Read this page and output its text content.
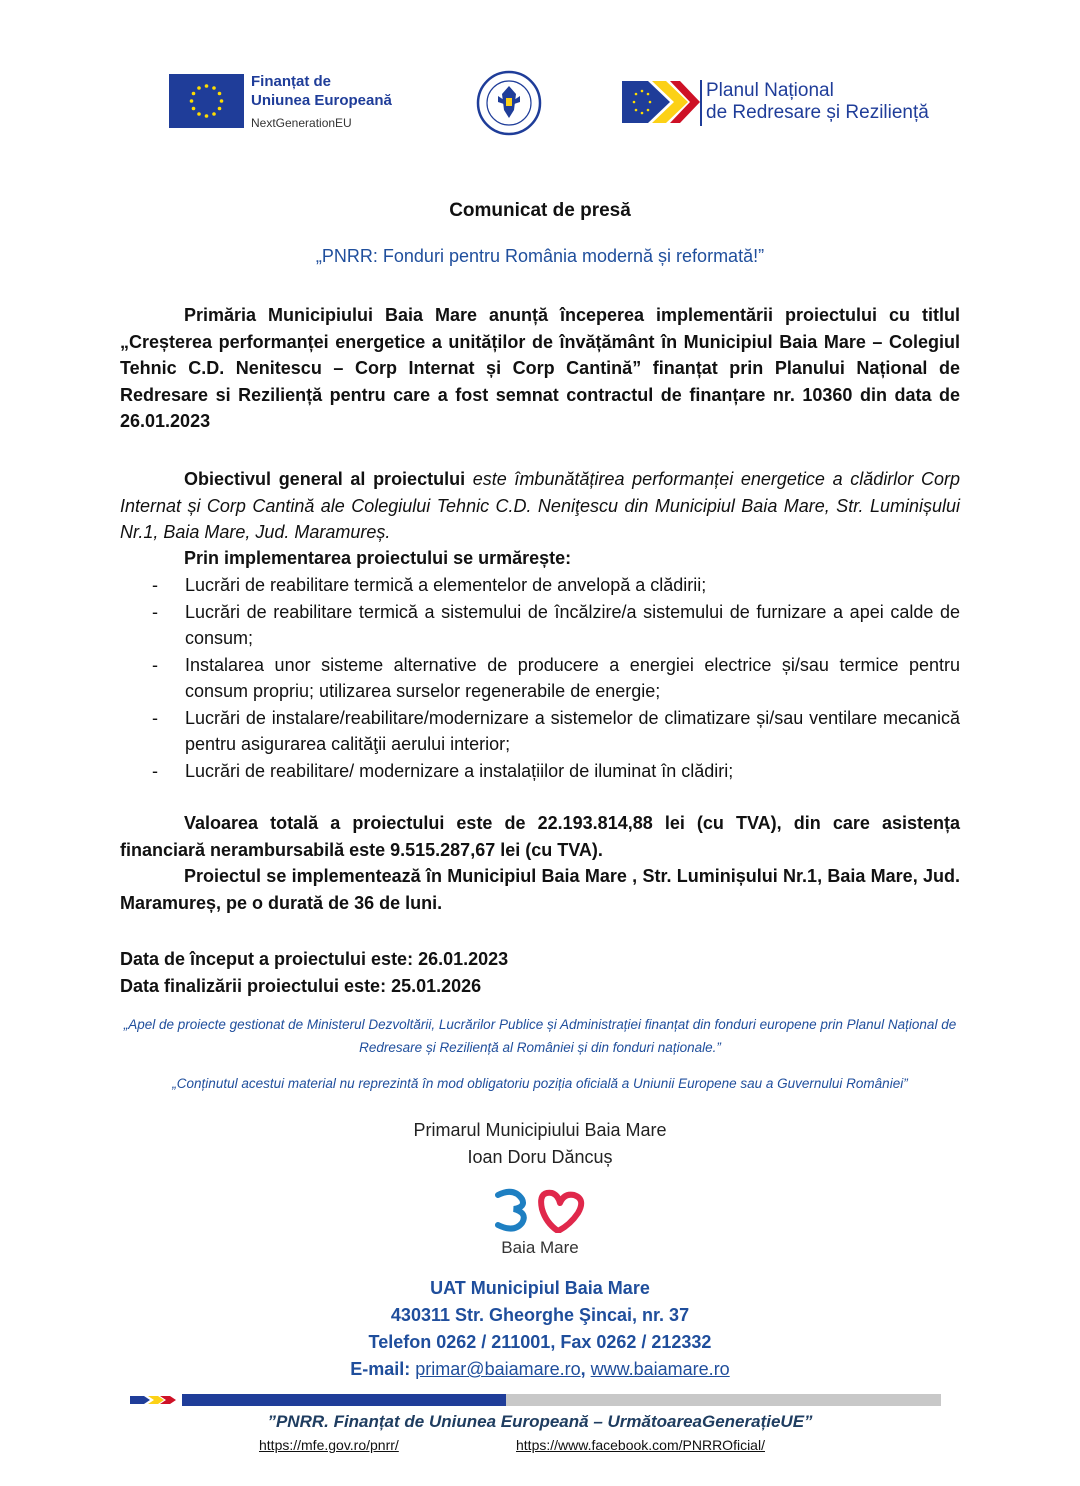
Finanțat de
Uniunea Europeană
NextGenerationEU
Planul Național
de Redresare și Reziliență
Comunicat de presă
„PNRR: Fonduri pentru România modernă și reformată!”
Primăria Municipiului Baia Mare anunță începerea implementării proiectului cu titlul „Creșterea performanței energetice a unităților de învățământ în Municipiul Baia Mare – Colegiul Tehnic C.D. Nenitescu – Corp Internat și Corp Cantină” finanțat prin Planului Național de Redresare si Reziliență pentru care a fost semnat contractul de finanțare nr. 10360 din data de 26.01.2023
Obiectivul general al proiectului este îmbunătățirea performanței energetice a clădirlor Corp Internat și Corp Cantină ale Colegiului Tehnic C.D. Neniţescu din Municipiul Baia Mare, Str. Luminișului Nr.1, Baia Mare, Jud. Maramureș.
Prin implementarea proiectului se urmărește:
- Lucrări de reabilitare termică a elementelor de anvelopă a clădirii;
- Lucrări de reabilitare termică a sistemului de încălzire/a sistemului de furnizare a apei calde de consum;
- Instalarea unor sisteme alternative de producere a energiei electrice și/sau termice pentru consum propriu; utilizarea surselor regenerabile de energie;
- Lucrări de instalare/reabilitare/modernizare a sistemelor de climatizare și/sau ventilare mecanică pentru asigurarea calităţii aerului interior;
- Lucrări de reabilitare/ modernizare a instalațiilor de iluminat în clădiri;
Valoarea totală a proiectului este de 22.193.814,88 lei (cu TVA), din care asistența financiară nerambursabilă este 9.515.287,67 lei (cu TVA).
Proiectul se implementează în Municipiul Baia Mare , Str. Luminișului Nr.1, Baia Mare, Jud. Maramureș, pe o durată de 36 de luni.
Data de început a proiectului este: 26.01.2023
Data finalizării proiectului este: 25.01.2026
„Apel de proiecte gestionat de Ministerul Dezvoltării, Lucrărilor Publice și Administrației finanțat din fonduri europene prin Planul Național de Redresare și Reziliență al României și din fonduri naționale.”
„Conținutul acestui material nu reprezintă în mod obligatoriu poziția oficială a Uniunii Europene sau a Guvernului României”
Primarul Municipiului Baia Mare
Ioan Doru Dăncuș
Baia Mare
UAT Municipiul Baia Mare
430311 Str. Gheorghe Şincai, nr. 37
Telefon 0262 / 211001, Fax 0262 / 212332
E-mail: primar@baiamare.ro, www.baiamare.ro
”PNRR. Finanțat de Uniunea Europeană – UrmătoareaGenerațieUE”
https://mfe.gov.ro/pnrr/	https://www.facebook.com/PNRROficial/
